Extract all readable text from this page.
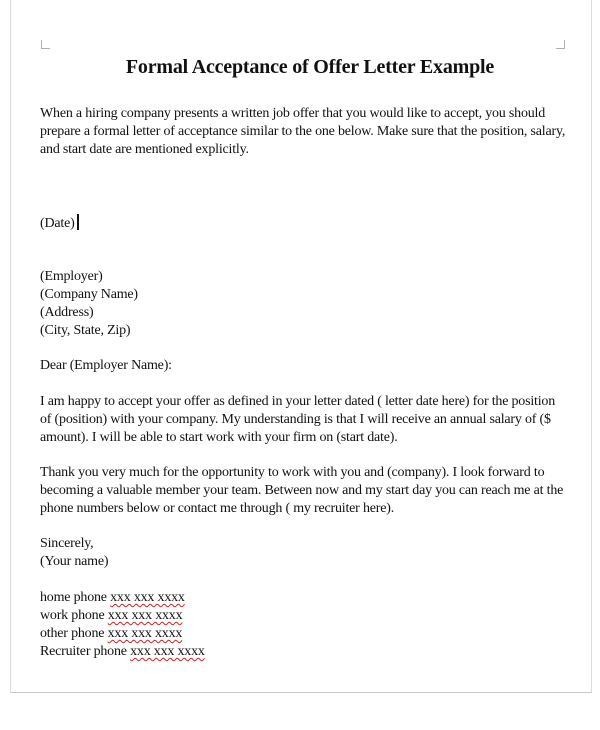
Formal Acceptance of Offer Letter Example
When a hiring company presents a written job offer that you would like to accept, you should
prepare a formal letter of acceptance similar to the one below. Make sure that the position, salary,
and start date are mentioned explicitly.
(Date)
(Employer)
(Company Name)
(Address)
(City, State, Zip)
Dear (Employer Name):
I am happy to accept your offer as defined in your letter dated ( letter date here) for the position
of (position) with your company. My understanding is that I will receive an annual salary of ($
amount). I will be able to start work with your firm on (start date).
Thank you very much for the opportunity to work with you and (company). I look forward to
becoming a valuable member your team. Between now and my start day you can reach me at the
phone numbers below or contact me through ( my recruiter here).
Sincerely,
(Your name)
home phone xxx xxx xxxx
work phone xxx xxx xxxx
other phone xxx xxx xxxx
Recruiter phone xxx xxx xxxx
